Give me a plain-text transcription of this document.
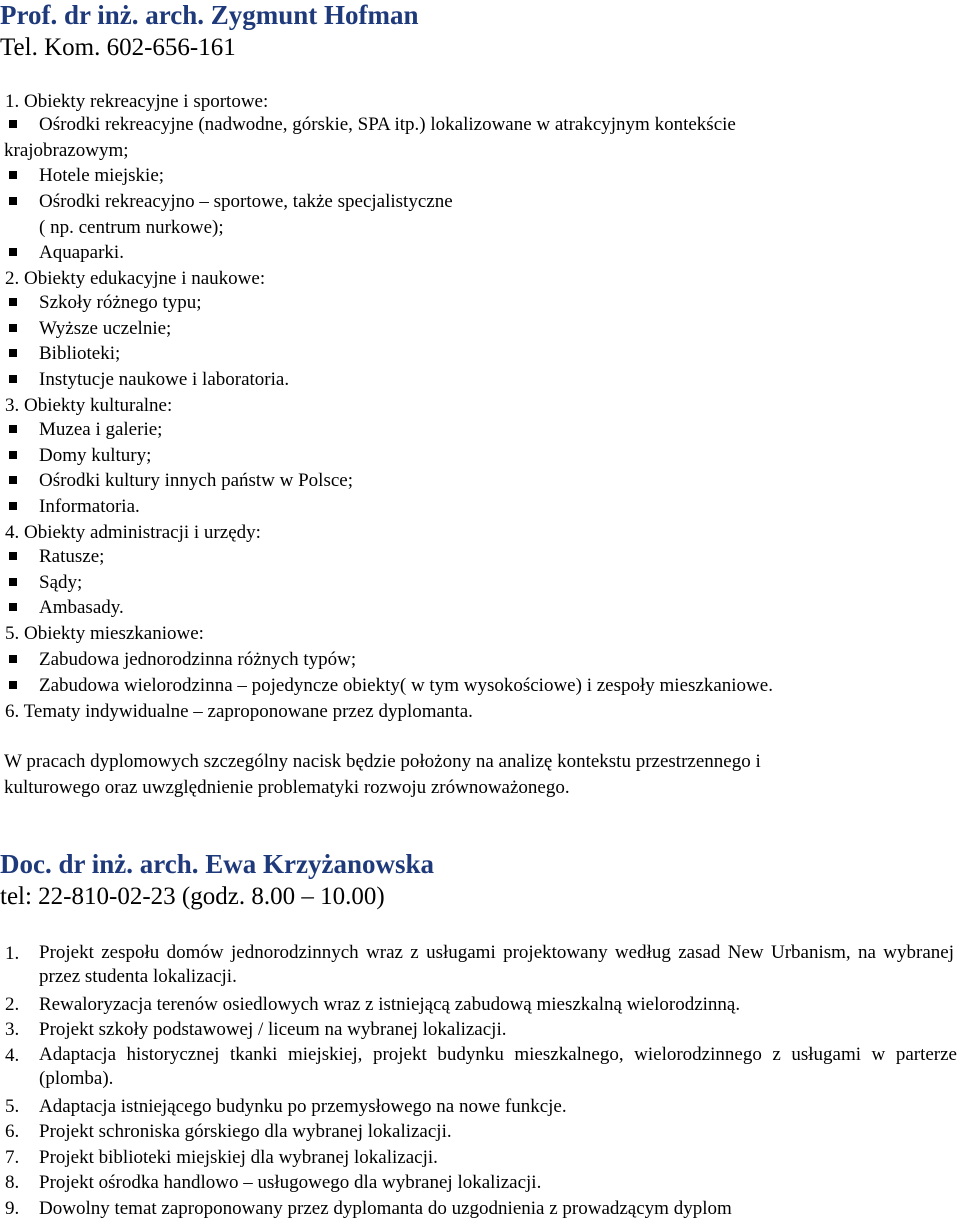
Prof. dr inż. arch. Zygmunt Hofman
Tel. Kom. 602-656-161
1. Obiekty rekreacyjne i sportowe:
Ośrodki rekreacyjne (nadwodne, górskie, SPA itp.) lokalizowane w atrakcyjnym kontekście
krajobrazowym;
Hotele miejskie;
Ośrodki rekreacyjno – sportowe, także specjalistyczne
( np. centrum nurkowe);
Aquaparki.
2. Obiekty edukacyjne i naukowe:
Szkoły różnego typu;
Wyższe uczelnie;
Biblioteki;
Instytucje naukowe i laboratoria.
3. Obiekty kulturalne:
Muzea i galerie;
Domy kultury;
Ośrodki kultury innych państw w Polsce;
Informatoria.
4. Obiekty administracji i urzędy:
Ratusze;
Sądy;
Ambasady.
5. Obiekty mieszkaniowe:
Zabudowa jednorodzinna różnych typów;
Zabudowa wielorodzinna – pojedyncze obiekty( w tym wysokościowe) i zespoły mieszkaniowe.
6. Tematy indywidualne – zaproponowane przez dyplomanta.
W pracach dyplomowych szczególny nacisk będzie położony na analizę kontekstu przestrzennego i
kulturowego oraz uwzględnienie problematyki rozwoju zrównoważonego.
Doc. dr inż. arch. Ewa Krzyżanowska
tel: 22-810-02-23 (godz. 8.00 – 10.00)
1. Projekt zespołu domów jednorodzinnych wraz z usługami projektowany według zasad New Urbanism, na wybranej przez studenta lokalizacji.
2. Rewaloryzacja terenów osiedlowych wraz z istniejącą zabudową mieszkalną wielorodzinną.
3. Projekt szkoły podstawowej / liceum na wybranej lokalizacji.
4. Adaptacja historycznej tkanki miejskiej, projekt budynku mieszkalnego, wielorodzinnego z usługami w parterze (plomba).
5. Adaptacja istniejącego budynku po przemysłowego na nowe funkcje.
6. Projekt schroniska górskiego dla wybranej lokalizacji.
7. Projekt biblioteki miejskiej dla wybranej lokalizacji.
8. Projekt ośrodka handlowo – usługowego dla wybranej lokalizacji.
9. Dowolny temat zaproponowany przez dyplomanta do uzgodnienia z prowadzącym dyplom
